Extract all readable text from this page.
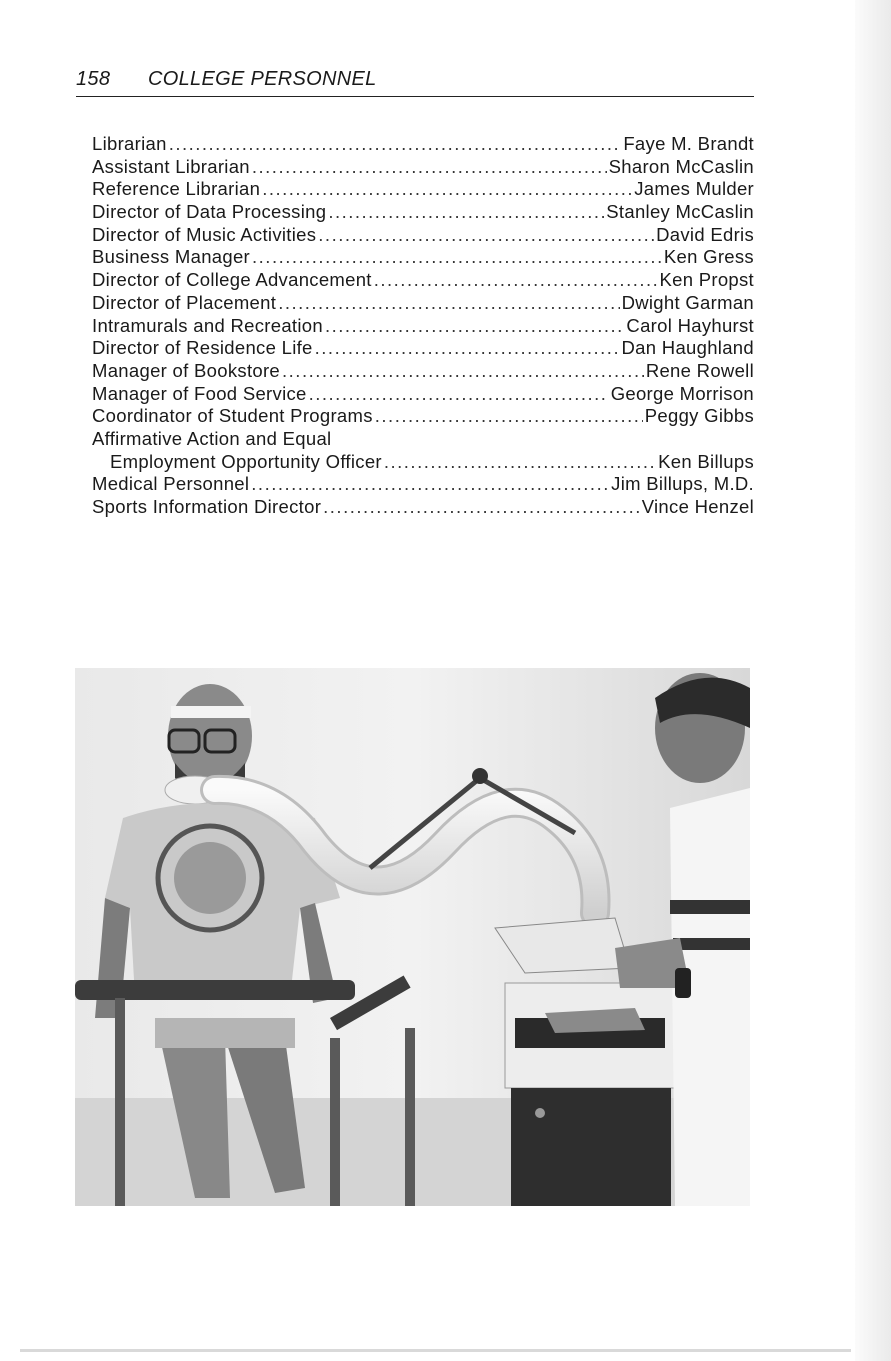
158 COLLEGE PERSONNEL
Librarian .....	Faye M. Brandt
Assistant Librarian .....	Sharon McCaslin
Reference Librarian .....	James Mulder
Director of Data Processing .....	Stanley McCaslin
Director of Music Activities .....	David Edris
Business Manager .....	Ken Gress
Director of College Advancement .....	Ken Propst
Director of Placement .....	Dwight Garman
Intramurals and Recreation .....	Carol Hayhurst
Director of Residence Life .....	Dan Haughland
Manager of Bookstore .....	Rene Rowell
Manager of Food Service .....	George Morrison
Coordinator of Student Programs .....	Peggy Gibbs
Affirmative Action and Equal
Employment Opportunity Officer .....	Ken Billups
Medical Personnel .....	Jim Billups, M.D.
Sports Information Director .....	Vince Henzel
